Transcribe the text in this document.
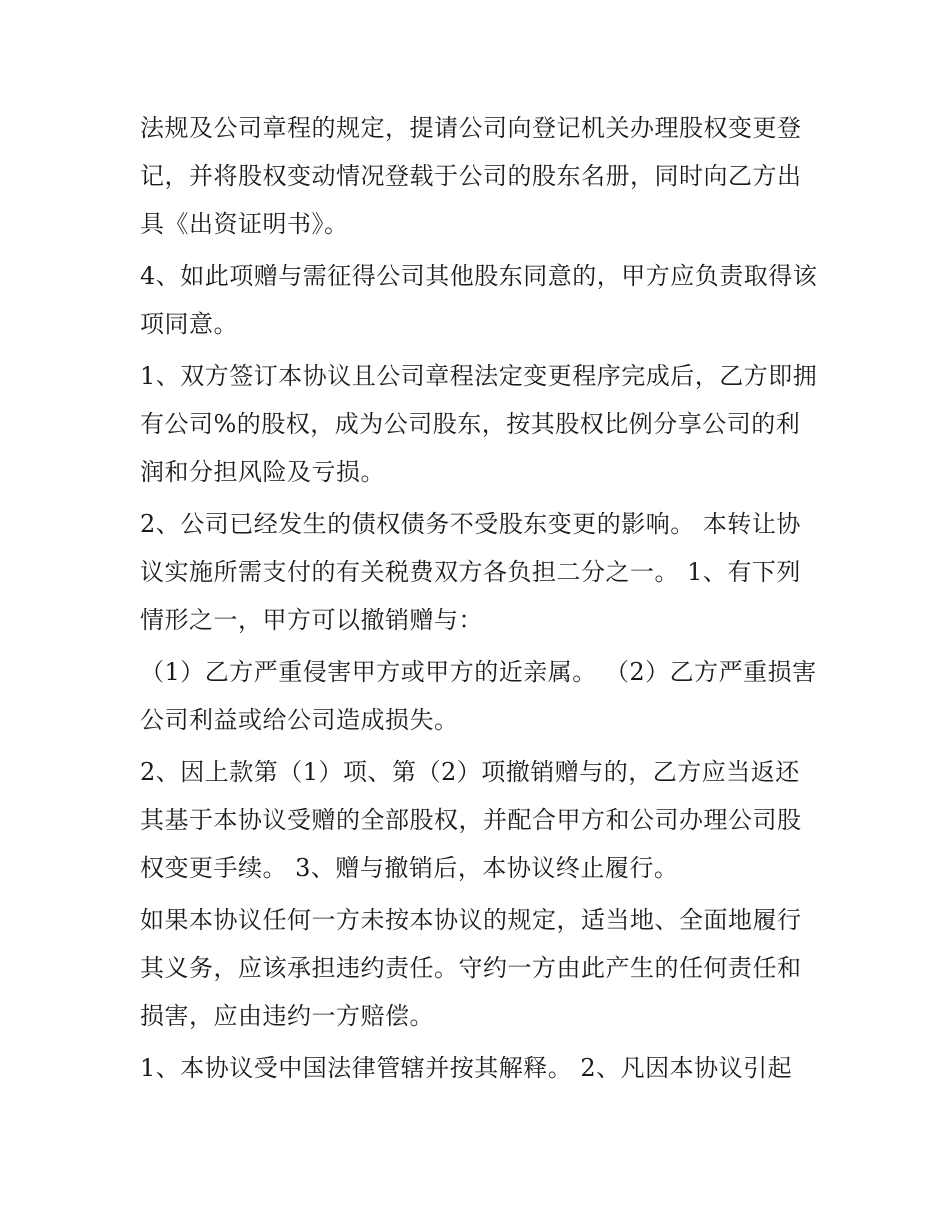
法规及公司章程的规定，提请公司向登记机关办理股权变更登记，并将股权变动情况登载于公司的股东名册，同时向乙方出具《出资证明书》。

4、如此项赠与需征得公司其他股东同意的，甲方应负责取得该项同意。

1、双方签订本协议且公司章程法定变更程序完成后，乙方即拥有公司%的股权，成为公司股东，按其股权比例分享公司的利润和分担风险及亏损。

2、公司已经发生的债权债务不受股东变更的影响。 本转让协议实施所需支付的有关税费双方各负担二分之一。 1、有下列情形之一，甲方可以撤销赠与：

（1）乙方严重侵害甲方或甲方的近亲属。 （2）乙方严重损害公司利益或给公司造成损失。

2、因上款第（1）项、第（2）项撤销赠与的，乙方应当返还其基于本协议受赠的全部股权，并配合甲方和公司办理公司股权变更手续。 3、赠与撤销后，本协议终止履行。

如果本协议任何一方未按本协议的规定，适当地、全面地履行其义务，应该承担违约责任。守约一方由此产生的任何责任和损害，应由违约一方赔偿。

1、本协议受中国法律管辖并按其解释。 2、凡因本协议引起
